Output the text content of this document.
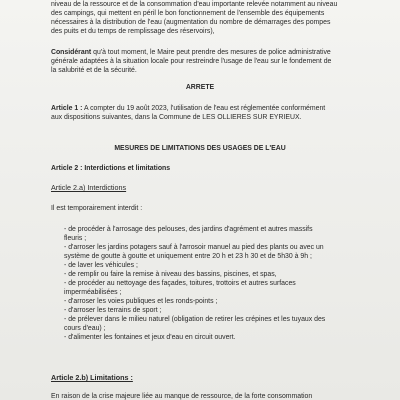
niveau de la ressource et de la consommation d'eau importante relevée notamment au niveau
des campings, qui mettent en péril le bon fonctionnement de l'ensemble des équipements
nécessaires à la distribution de l'eau (augmentation du nombre de démarrages des pompes
des puits et du temps de remplissage des réservoirs),
Considérant qu'à tout moment, le Maire peut prendre des mesures de police administrative
générale adaptées à la situation locale pour restreindre l'usage de l'eau sur le fondement de
la salubrité et de la sécurité.
ARRETE
Article 1 : A compter du 19 août 2023, l'utilisation de l'eau est réglementée conformément
aux dispositions suivantes, dans la Commune de LES OLLIERES SUR EYRIEUX.
MESURES DE LIMITATIONS DES USAGES DE L'EAU
Article 2 : Interdictions et limitations
Article 2.a) Interdictions
Il est temporairement interdit :
- de procéder à l'arrosage des pelouses, des jardins d'agrément et autres massifs
fleuris ;
- d'arroser les jardins potagers sauf à l'arrosoir manuel au pied des plants ou avec un
système de goutte à goutte et uniquement entre 20 h et 23 h 30 et de 5h30 à 9h ;
- de laver les véhicules ;
- de remplir ou faire la remise à niveau des bassins, piscines, et spas,
- de procéder au nettoyage des façades, toitures, trottoirs et autres surfaces
imperméabilisées ;
- d'arroser les voies publiques et les ronds-points ;
- d'arroser les terrains de sport ;
- de prélever dans le milieu naturel (obligation de retirer les crépines et les tuyaux des
cours d'eau) ;
- d'alimenter les fontaines et jeux d'eau en circuit ouvert.
Article 2.b) Limitations :
En raison de la crise majeure liée au manque de ressource, de la forte consommation
